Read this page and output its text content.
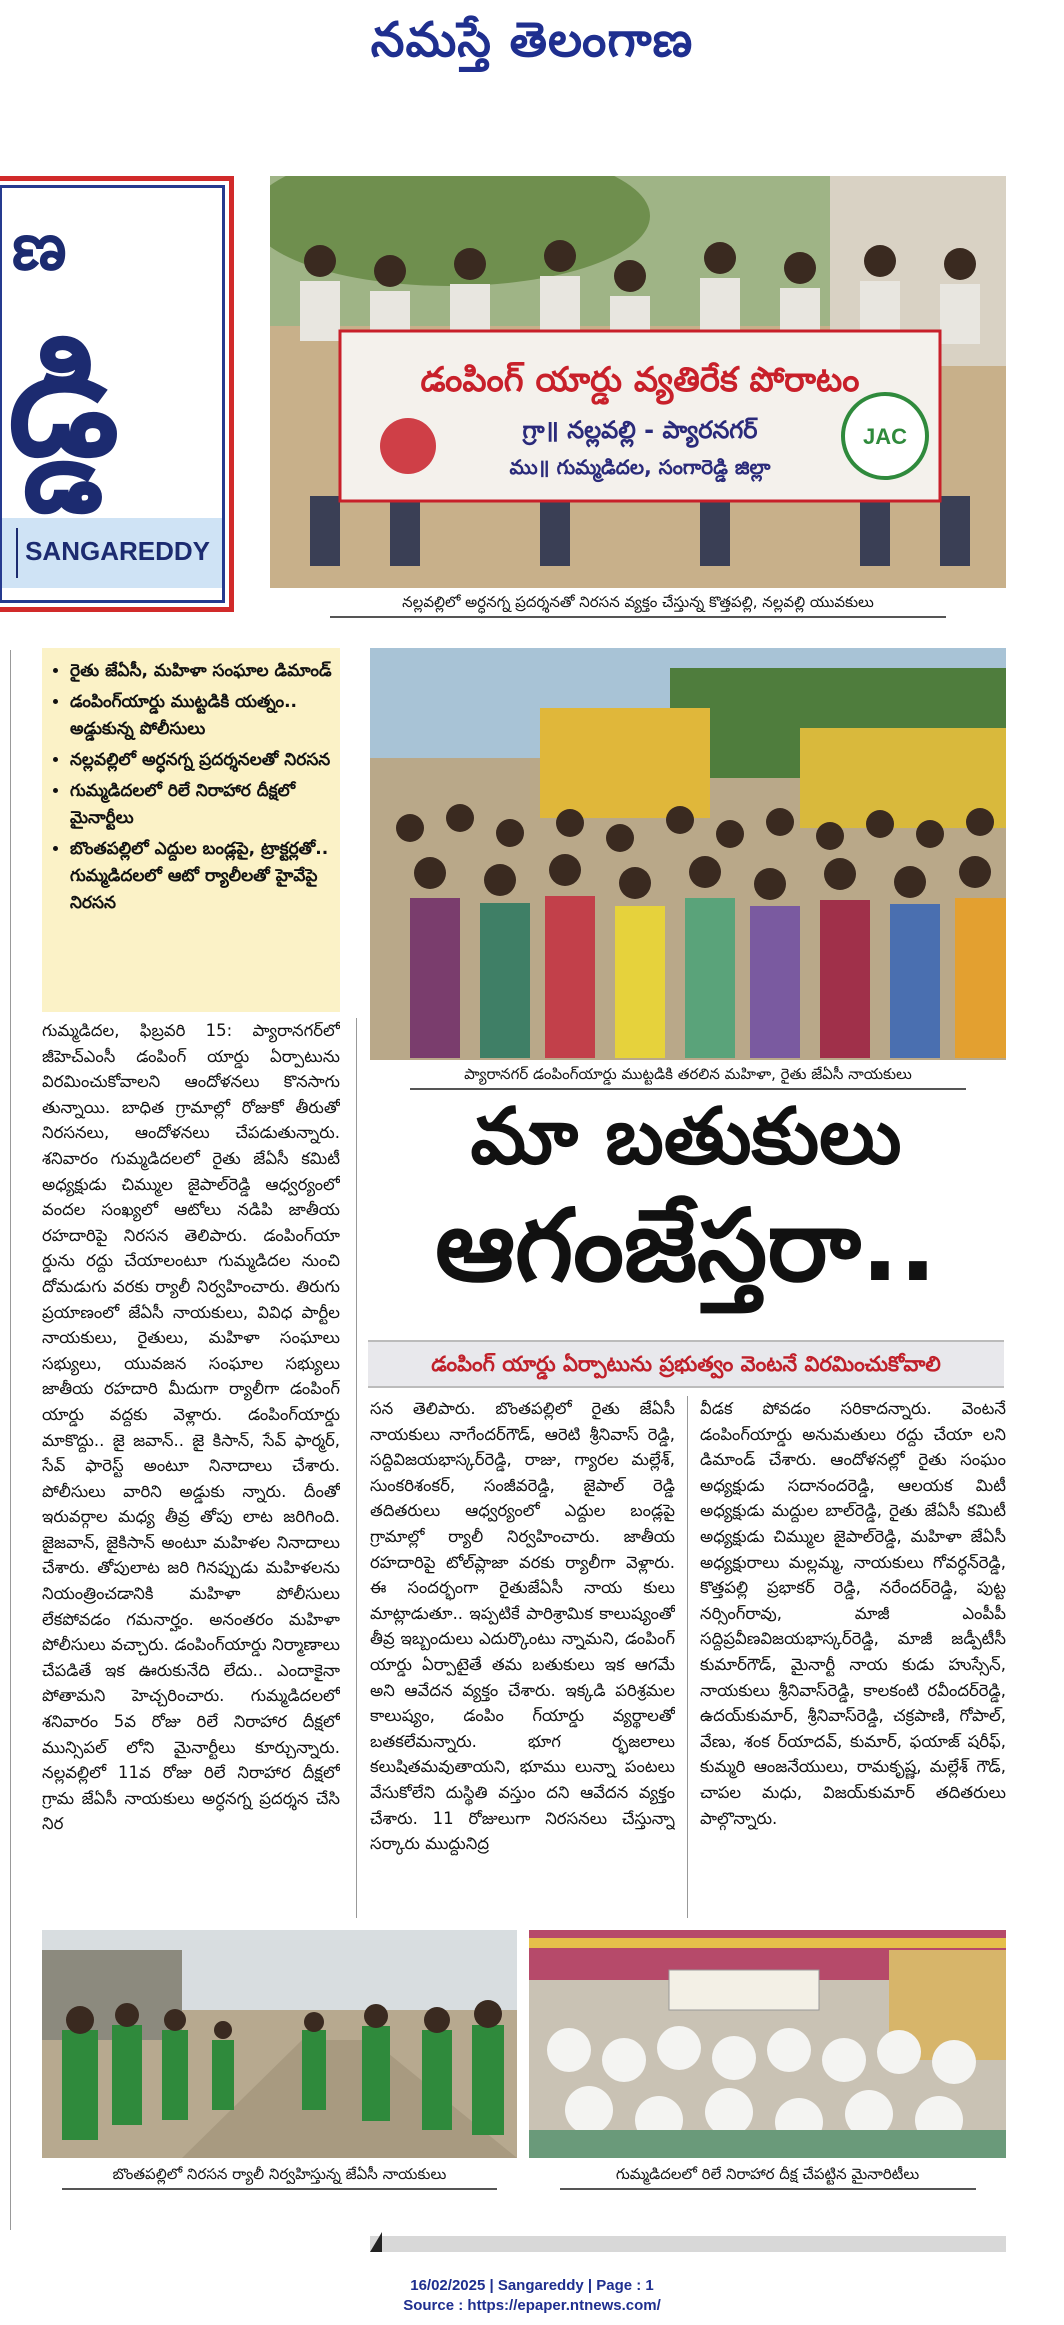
నమస్తే తెలంగాణ
ణ
డ్డి
SANGAREDDY
డంపింగ్ యార్డు వ్యతిరేక పోరాటం
గ్రా॥ నల్లవల్లి - ప్యారనగర్
ము॥ గుమ్మడిదల, సంగారెడ్డి జిల్లా
JAC
నల్లవల్లిలో అర్ధనగ్న ప్రదర్శనతో నిరసన వ్యక్తం చేస్తున్న కొత్తపల్లి, నల్లవల్లి యువకులు
• రైతు జేఏసీ, మహిళా సంఘాల డిమాండ్
• డంపింగ్‌యార్డు ముట్టడికి యత్నం.. అడ్డుకున్న పోలీసులు
• నల్లవల్లిలో అర్ధనగ్న ప్రదర్శనలతో నిరసన
• గుమ్మడిదలలో రిలే నిరాహార దీక్షలో మైనార్టీలు
• బొంతపల్లిలో ఎద్దుల బండ్లపై, ట్రాక్టర్లతో.. గుమ్మడిదలలో ఆటో ర్యాలీలతో హైవేపై నిరసన
ప్యారానగర్ డంపింగ్‌యార్డు ముట్టడికి తరలిన మహిళా, రైతు జేఏసీ నాయకులు
మా బతుకులు
ఆగంజేస్తరా..
డంపింగ్ యార్డు ఏర్పాటును ప్రభుత్వం వెంటనే విరమించుకోవాలి

గుమ్మడిదల, ఫిబ్రవరి 15: ప్యారానగర్‌లో జీహెచ్‌ఎంసీ డంపింగ్ యార్డు ఏర్పాటును విరమించుకోవాలని ఆందోళనలు కొనసాగు తున్నాయి. బాధిత గ్రామాల్లో రోజుకో తీరుతో నిరసనలు, ఆందోళనలు చేపడుతున్నారు. శనివారం గుమ్మడిదలలో రైతు జేఏసీ కమిటీ అధ్యక్షుడు చిమ్ముల జైపాల్‌రెడ్డి ఆధ్వర్యంలో వందల సంఖ్యలో ఆటోలు నడిపి జాతీయ రహదారిపై నిరసన తెలిపారు. డంపింగ్‌యా ర్డును రద్దు చేయాలంటూ గుమ్మడిదల నుంచి దోమడుగు వరకు ర్యాలీ నిర్వహించారు. తిరుగు ప్రయాణంలో జేఏసీ నాయకులు, వివిధ పార్టీల నాయకులు, రైతులు, మహిళా సంఘాలు సభ్యులు, యువజన సంఘాల సభ్యులు జాతీయ రహదారి మీదుగా ర్యాలీగా డంపింగ్ యార్డు వద్దకు వెళ్లారు. డంపింగ్‌యార్డు మాకొద్దు.. జై జవాన్.. జై కిసాన్, సేవ్ ఫార్మర్, సేవ్ ఫారెస్ట్ అంటూ నినాదాలు చేశారు. పోలీసులు వారిని అడ్డుకు న్నారు. దీంతో ఇరువర్గాల మధ్య తీవ్ర తోపు లాట జరిగింది. జైజవాన్, జైకిసాన్ అంటూ మహిళల నినాదాలు చేశారు. తోపులాట జరి గినప్పుడు మహిళలను నియంత్రించడానికి మహిళా పోలీసులు లేకపోవడం గమనార్హం. అనంతరం మహిళా పోలీసులు వచ్చారు. డంపింగ్‌యార్డు నిర్మాణాలు చేపడితే ఇక ఊరుకునేది లేదు.. ఎందాకైనా పోతామని హెచ్చరించారు. గుమ్మడిదలలో శనివారం 5వ రోజు రిలే నిరాహార దీక్షలో మున్సిపల్ లోని మైనార్టీలు కూర్చున్నారు. నల్లవల్లిలో 11వ రోజు రిలే నిరాహార దీక్షలో గ్రామ జేఏసీ నాయకులు అర్ధనగ్న ప్రదర్శన చేసి నిర

సన తెలిపారు. బొంతపల్లిలో రైతు జేఏసీ నాయకులు నాగేందర్‌గౌడ్, ఆరెటి శ్రీనివాస్ రెడ్డి, సద్దివిజయభాస్కర్‌రెడ్డి, రాజు, గ్యారల మల్లేశ్, సుంకరిశంకర్, సంజీవరెడ్డి, జైపాల్ రెడ్డి తదితరులు ఆధ్వర్యంలో ఎద్దుల బండ్లపై గ్రామాల్లో ర్యాలీ నిర్వహించారు. జాతీయ రహదారిపై టోల్‌ప్లాజా వరకు ర్యాలీగా వెళ్లారు. ఈ సందర్భంగా రైతుజేఏసీ నాయ కులు మాట్లాడుతూ.. ఇప్పటికే పారిశ్రామిక కాలుష్యంతో తీవ్ర ఇబ్బందులు ఎదుర్కొంటు న్నామని, డంపింగ్ యార్డు ఏర్పాటైతే తమ బతుకులు ఇక ఆగమే అని ఆవేదన వ్యక్తం చేశారు. ఇక్కడి పరిశ్రమల కాలుష్యం, డంపిం గ్‌యార్డు వ్యర్థాలతో బతకలేమన్నారు. భూగ ర్భజలాలు కలుషితమవుతాయని, భూము లున్నా పంటలు వేసుకోలేని దుస్థితి వస్తుం దని ఆవేదన వ్యక్తం చేశారు. 11 రోజులుగా నిరసనలు చేస్తున్నా సర్కారు ముద్దునిద్ర

వీడక పోవడం సరికాదన్నారు. వెంటనే డంపింగ్‌యార్డు అనుమతులు రద్దు చేయా లని డిమాండ్ చేశారు. ఆందోళనల్లో రైతు సంఘం అధ్యక్షుడు సదానందరెడ్డి, ఆలయక మిటీ అధ్యక్షుడు మద్దుల బాల్‌రెడ్డి, రైతు జేఏసీ కమిటీ అధ్యక్షుడు చిమ్ముల జైపాల్‌రెడ్డి, మహిళా జేఏసీ అధ్యక్షురాలు మల్లమ్మ, నాయకులు గోవర్ధన్‌రెడ్డి, కొత్తపల్లి ప్రభాకర్ రెడ్డి, నరేందర్‌రెడ్డి, పుట్ట నర్సింగ్‌రావు, మాజీ ఎంపీపీ సద్దిప్రవీణవిజయభాస్కర్‌రెడ్డి, మాజీ జడ్పీటీసీ కుమార్‌గౌడ్, మైనార్టీ నాయ కుడు హుస్సేన్, నాయకులు శ్రీనివాస్‌రెడ్డి, కాలకంటి రవీందర్‌రెడ్డి, ఉదయ్‌కుమార్, శ్రీనివాస్‌రెడ్డి, చక్రపాణి, గోపాల్, వేణు, శంక ర్‌యాదవ్, కుమార్, ఫయాజ్ షరీఫ్, కుమ్మరి ఆంజనేయులు, రామకృష్ణ, మల్లేశ్ గౌడ్, చాపల మధు, విజయ్‌కుమార్ తదితరులు పాల్గొన్నారు.

బొంతపల్లిలో నిరసన ర్యాలీ నిర్వహిస్తున్న జేఏసీ నాయకులు	గుమ్మడిదలలో రిలే నిరాహార దీక్ష చేపట్టిన మైనారిటీలు
16/02/2025 | Sangareddy | Page : 1
Source : https://epaper.ntnews.com/
